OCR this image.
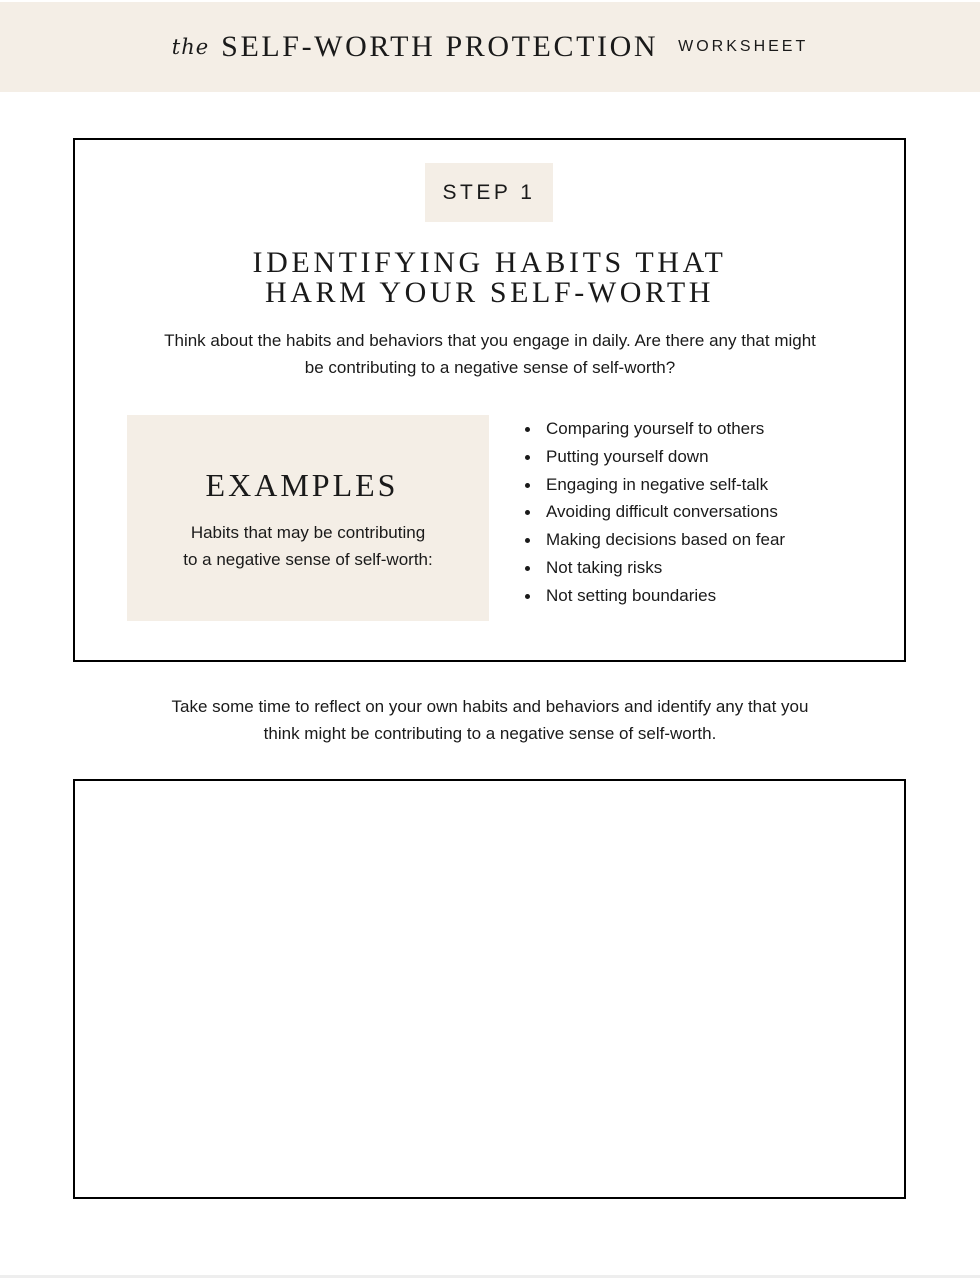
the SELF-WORTH PROTECTION WORKSHEET
STEP 1
IDENTIFYING HABITS THAT
HARM YOUR SELF-WORTH
Think about the habits and behaviors that you engage in daily. Are there any that might
be contributing to a negative sense of self-worth?
EXAMPLES
Habits that may be contributing
to a negative sense of self-worth:
Comparing yourself to others
Putting yourself down
Engaging in negative self-talk
Avoiding difficult conversations
Making decisions based on fear
Not taking risks
Not setting boundaries
Take some time to reflect on your own habits and behaviors and identify any that you
think might be contributing to a negative sense of self-worth.
